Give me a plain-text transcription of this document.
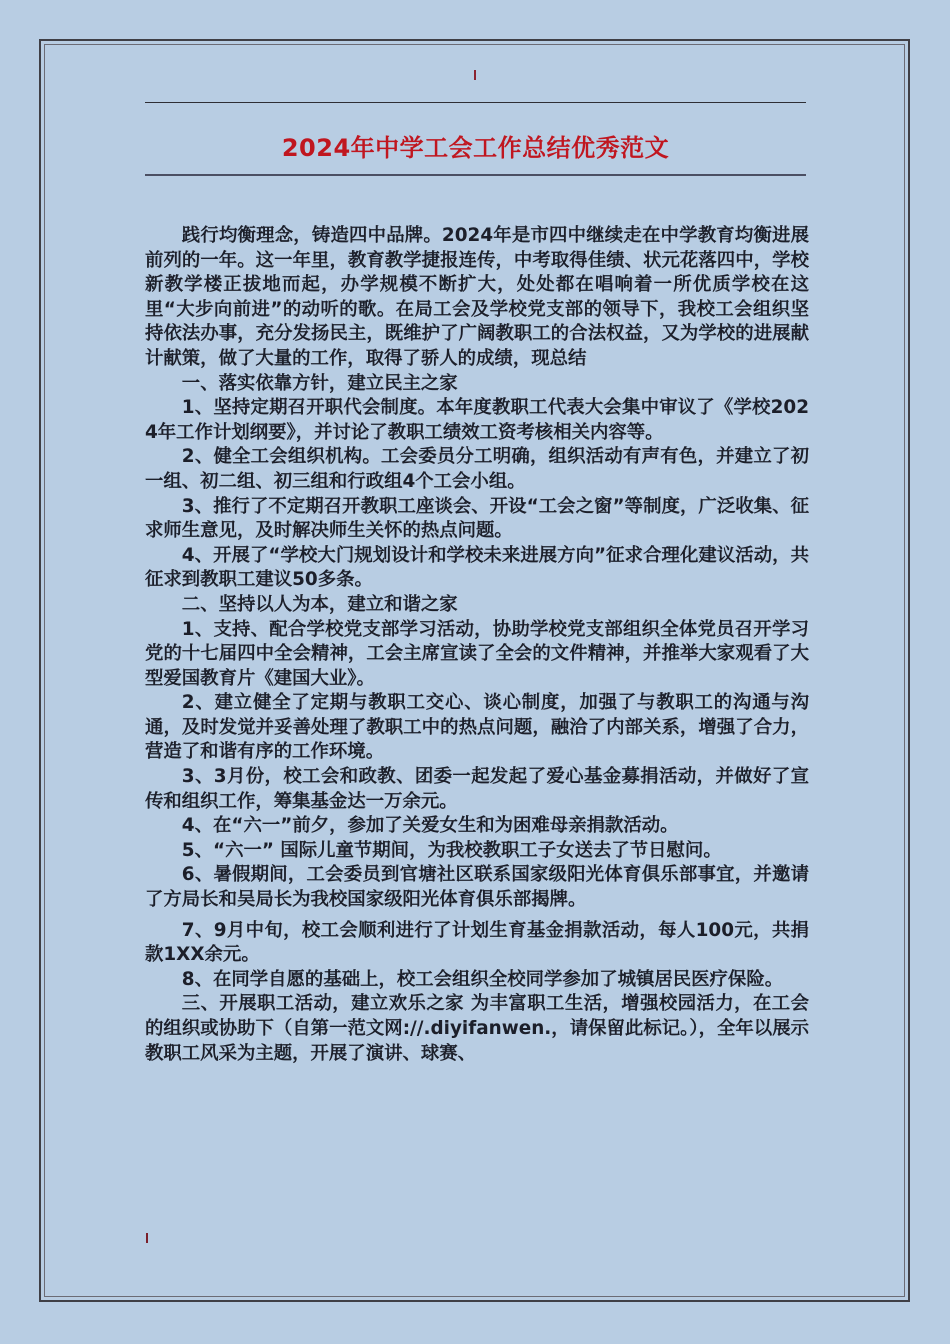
2024年中学工会工作总结优秀范文

践行均衡理念，铸造四中品牌。2024年是市四中继续走在中学教育均衡进展前列的一年。这一年里，教育教学捷报连传，中考取得佳绩、状元花落四中，学校新教学楼正拔地而起，办学规模不断扩大，处处都在唱响着一所优质学校在这里“大步向前进”的动听的歌。在局工会及学校党支部的领导下，我校工会组织坚持依法办事，充分发扬民主，既维护了广阔教职工的合法权益，又为学校的进展献计献策，做了大量的工作，取得了骄人的成绩，现总结

一、落实依靠方针，建立民主之家

1、坚持定期召开职代会制度。本年度教职工代表大会集中审议了《学校2024年工作计划纲要》，并讨论了教职工绩效工资考核相关内容等。

2、健全工会组织机构。工会委员分工明确，组织活动有声有色，并建立了初一组、初二组、初三组和行政组4个工会小组。

3、推行了不定期召开教职工座谈会、开设“工会之窗”等制度，广泛收集、征求师生意见，及时解决师生关怀的热点问题。

4、开展了“学校大门规划设计和学校未来进展方向”征求合理化建议活动，共征求到教职工建议50多条。

二、坚持以人为本，建立和谐之家

1、支持、配合学校党支部学习活动，协助学校党支部组织全体党员召开学习党的十七届四中全会精神，工会主席宣读了全会的文件精神，并推举大家观看了大型爱国教育片《建国大业》。

2、建立健全了定期与教职工交心、谈心制度，加强了与教职工的沟通与沟通，及时发觉并妥善处理了教职工中的热点问题，融洽了内部关系，增强了合力，营造了和谐有序的工作环境。

3、3月份，校工会和政教、团委一起发起了爱心基金募捐活动，并做好了宣传和组织工作，筹集基金达一万余元。

4、在“六一”前夕，参加了关爱女生和为困难母亲捐款活动。

5、“六一” 国际儿童节期间，为我校教职工子女送去了节日慰问。

6、暑假期间，工会委员到官塘社区联系国家级阳光体育俱乐部事宜，并邀请了方局长和吴局长为我校国家级阳光体育俱乐部揭牌。

7、9月中旬，校工会顺利进行了计划生育基金捐款活动，每人100元，共捐款1XX余元。

8、在同学自愿的基础上，校工会组织全校同学参加了城镇居民医疗保险。

三、开展职工活动，建立欢乐之家 为丰富职工生活，增强校园活力，在工会的组织或协助下（自第一范文网://.diyifanwen.，请保留此标记。），全年以展示教职工风采为主题，开展了演讲、球赛、
